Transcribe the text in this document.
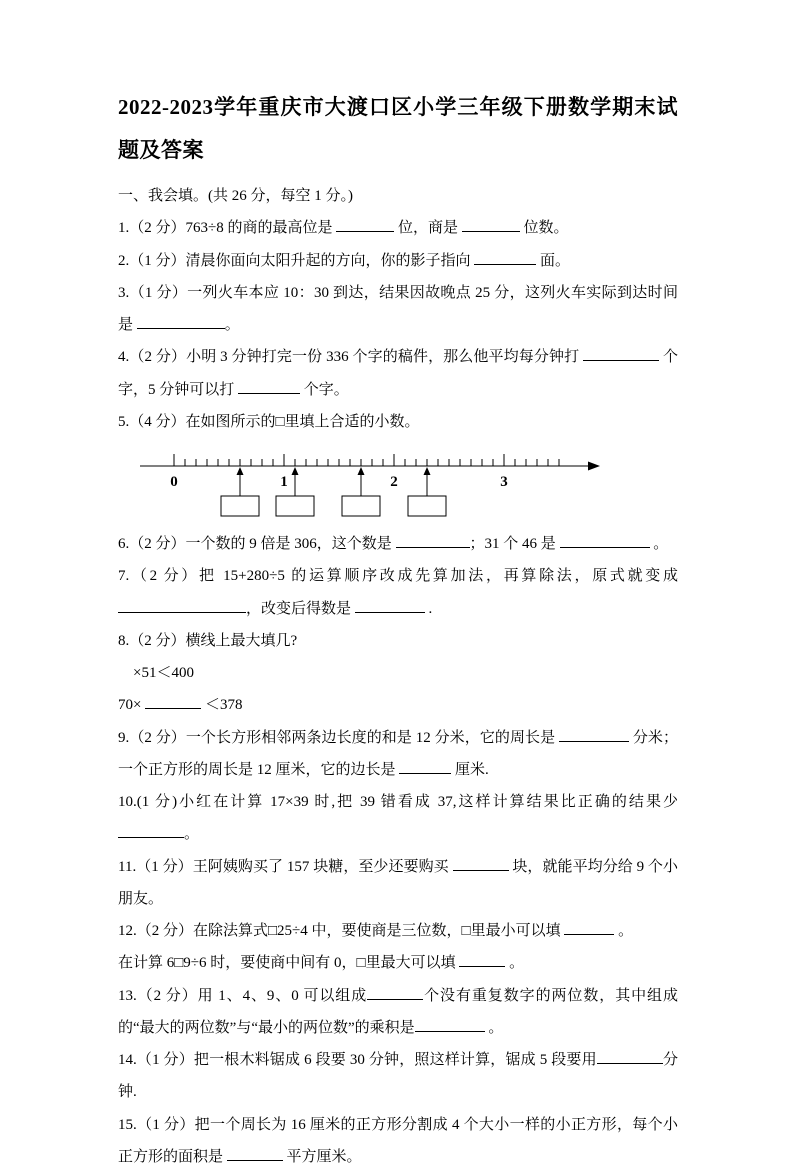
2022-2023学年重庆市大渡口区小学三年级下册数学期末试题及答案

一、我会填。(共 26 分，每空 1 分。)

1.（2 分）763÷8 的商的最高位是	位，商是	位数。

2.（1 分）清晨你面向太阳升起的方向，你的影子指向	面。

3.（1 分）一列火车本应 10：30 到达，结果因故晚点 25 分，这列火车实际到达时间是	。

4.（2 分）小明 3 分钟打完一份 336 个字的稿件，那么他平均每分钟打	个字，5 分钟可以打	个字。

5.（4 分）在如图所示的□里填上合适的小数。

0	1	2	3

6.（2 分）一个数的 9 倍是 306，这个数是	；31 个 46 是	。

7.（2 分）把 15+280÷5 的运算顺序改成先算加法，再算除法，原式就变成 ，改变后得数是	.

8.（2 分）横线上最大填几?

×51＜400

70×	＜378

9.（2 分）一个长方形相邻两条边长度的和是 12 分米，它的周长是	分米；一个正方形的周长是 12 厘米，它的边长是	厘米.

10.(1 分)小红在计算 17×39 时,把 39 错看成 37,这样计算结果比正确的结果少。

11.（1 分）王阿姨购买了 157 块糖，至少还要购买	块，就能平均分给 9 个小朋友。

12.（2 分）在除法算式□25÷4 中，要使商是三位数，□里最小可以填	。

在计算 6□9÷6 时，要使商中间有 0，□里最大可以填	。

13.（2 分）用 1、4、9、0 可以组成	个没有重复数字的两位数，其中组成的“最大的两位数”与“最小的两位数”的乘积是	。

14.（1 分）把一根木料锯成 6 段要 30 分钟，照这样计算，锯成 5 段要用	分钟.

15.（1 分）把一个周长为 16 厘米的正方形分割成 4 个大小一样的小正方形，每个小正方形的面积是	平方厘米。
